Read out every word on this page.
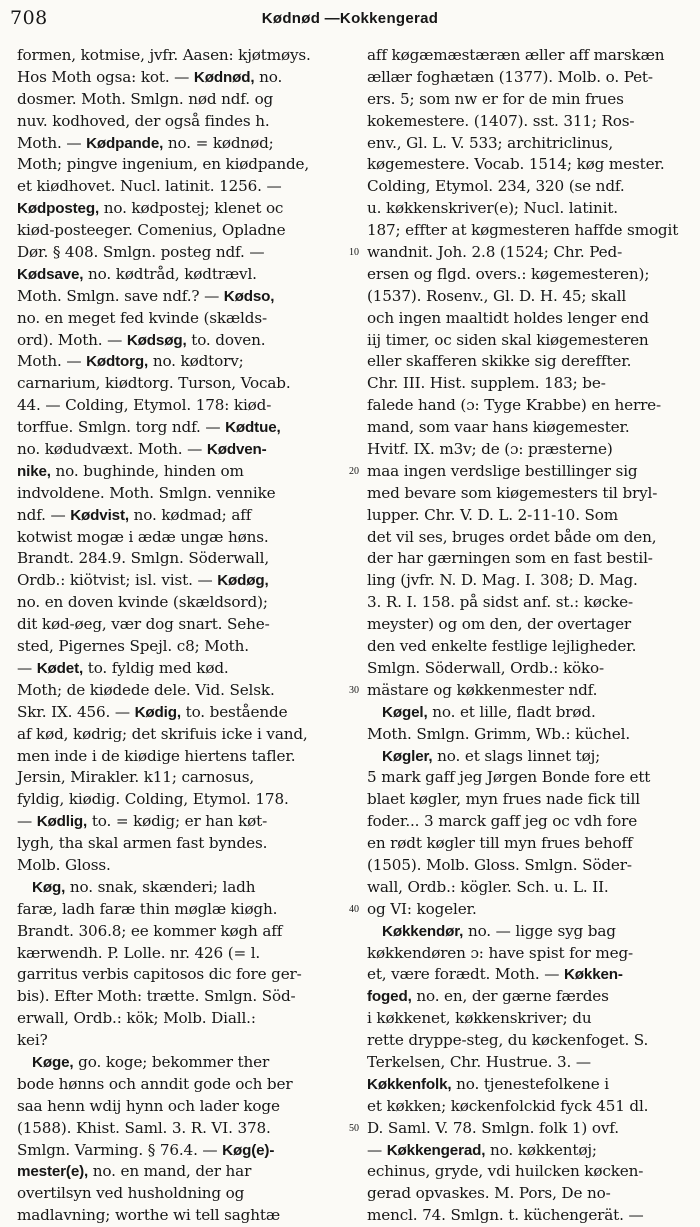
708	Kødnød —Kokkengerad
formen, kotmise, jvfr. Aasen: kjøtmøys.
Hos Moth ogsa: kot. — Kødnød, no.
dosmer. Moth. Smlgn. nød ndf. og
nuv. kodhoved, der også findes h.
Moth. — Kødpande, no. = kødnød;
Moth; pingve ingenium, en kiødpande,
et kiødhovet. Nucl. latinit. 1256. —
Kødposteg, no. kødpostej; klenet oc
kiød-posteeger. Comenius, Opladne
Dør. § 408. Smlgn. posteg ndf. —
Kødsave, no. kødtråd, kødtrævl.
Moth. Smlgn. save ndf.? — Kødso,
no. en meget fed kvinde (skælds-
ord). Moth. — Kødsøg, to. doven.
Moth. — Kødtorg, no. kødtorv;
carnarium, kiødtorg. Turson, Vocab.
44. — Colding, Etymol. 178: kiød-
torffue. Smlgn. torg ndf. — Kødtue,
no. kødudvæxt. Moth. — Kødven-
nike, no. bughinde, hinden om
indvoldene. Moth. Smlgn. vennike
ndf. — Kødvist, no. kødmad; aff
kotwist mogæ i ædæ ungæ høns.
Brandt. 284.9. Smlgn. Söderwall,
Ordb.: kiötvist; isl. vist. — Kødøg,
no. en doven kvinde (skældsord);
dit kød-øeg, vær dog snart. Sehe-
sted, Pigernes Spejl. c8; Moth.
— Kødet, to. fyldig med kød.
Moth; de kiødede dele. Vid. Selsk.
Skr. IX. 456. — Kødig, to. bestående
af kød, kødrig; det skrifuis icke i vand,
men inde i de kiødige hiertens tafler.
Jersin, Mirakler. k11; carnosus,
fyldig, kiødig. Colding, Etymol. 178.
— Kødlig, to. = kødig; er han køt-
lygh, tha skal armen fast byndes.
Molb. Gloss.
 Køg, no. snak, skænderi; ladh
faræ, ladh faræ thin møglæ kiøgh.
Brandt. 306.8; ee kommer køgh aff
kærwendh. P. Lolle. nr. 426 (= l.
garritus verbis capitosos dic fore ger-
bis). Efter Moth: trætte. Smlgn. Söd-
erwall, Ordb.: kök; Molb. Diall.:
kei?
 Køge, go. koge; bekommer ther
bode hønns och anndit gode och ber
saa henn wdij hynn och lader koge
(1588). Khist. Saml. 3. R. VI. 378.
Smlgn. Varming. § 76.4. — Køg(e)-
mester(e), no. en mand, der har
overtilsyn ved husholdning og
madlavning; worthe wi tell saghtæ
10
20
30
40
50
aff køgæmæstæræn æller aff marskæn
ællær foghætæn (1377). Molb. o. Pet-
ers. 5; som nw er for de min frues
kokemestere. (1407). sst. 311; Ros-
env., Gl. L. V. 533; architriclinus,
køgemestere. Vocab. 1514; køg mester.
Colding, Etymol. 234, 320 (se ndf.
u. køkkenskriver(e); Nucl. latinit.
187; effter at køgmesteren haffde smogit
wandnit. Joh. 2.8 (1524; Chr. Ped-
ersen og flgd. overs.: køgemesteren);
(1537). Rosenv., Gl. D. H. 45; skall
och ingen maaltidt holdes lenger end
iij timer, oc siden skal kiøgemesteren
eller skafferen skikke sig dereffter.
Chr. III. Hist. supplem. 183; be-
falede hand (ɔ: Tyge Krabbe) en herre-
mand, som vaar hans kiøgemester.
Hvitf. IX. m3v; de (ɔ: præsterne)
maa ingen verdslige bestillinger sig
med bevare som kiøgemesters til bryl-
lupper. Chr. V. D. L. 2-11-10. Som
det vil ses, bruges ordet både om den,
der har gærningen som en fast bestil-
ling (jvfr. N. D. Mag. I. 308; D. Mag.
3. R. I. 158. på sidst anf. st.: køcke-
meyster) og om den, der overtager
den ved enkelte festlige lejligheder.
Smlgn. Söderwall, Ordb.: köko-
mästare og køkkenmester ndf.
 Køgel, no. et lille, fladt brød.
Moth. Smlgn. Grimm, Wb.: küchel.
 Køgler, no. et slags linnet tøj;
5 mark gaff jeg Jørgen Bonde fore ett
blaet køgler, myn frues nade fick till
foder... 3 marck gaff jeg oc vdh fore
en rødt køgler till myn frues behoff
(1505). Molb. Gloss. Smlgn. Söder-
wall, Ordb.: kögler. Sch. u. L. II.
og VI: kogeler.
 Køkkendør, no. — ligge syg bag
køkkendøren ɔ: have spist for meg-
et, være forædt. Moth. — Køkken-
foged, no. en, der gærne færdes
i køkkenet, køkkenskriver; du
rette dryppe-steg, du køckenfoget. S.
Terkelsen, Chr. Hustrue. 3. —
Køkkenfolk, no. tjenestefolkene i
et køkken; køckenfolckid fyck 451 dl.
D. Saml. V. 78. Smlgn. folk 1) ovf.
— Køkkengerad, no. køkkentøj;
echinus, gryde, vdi huilcken køcken-
gerad opvaskes. M. Pors, De no-
mencl. 74. Smlgn. t. küchengerät. —
